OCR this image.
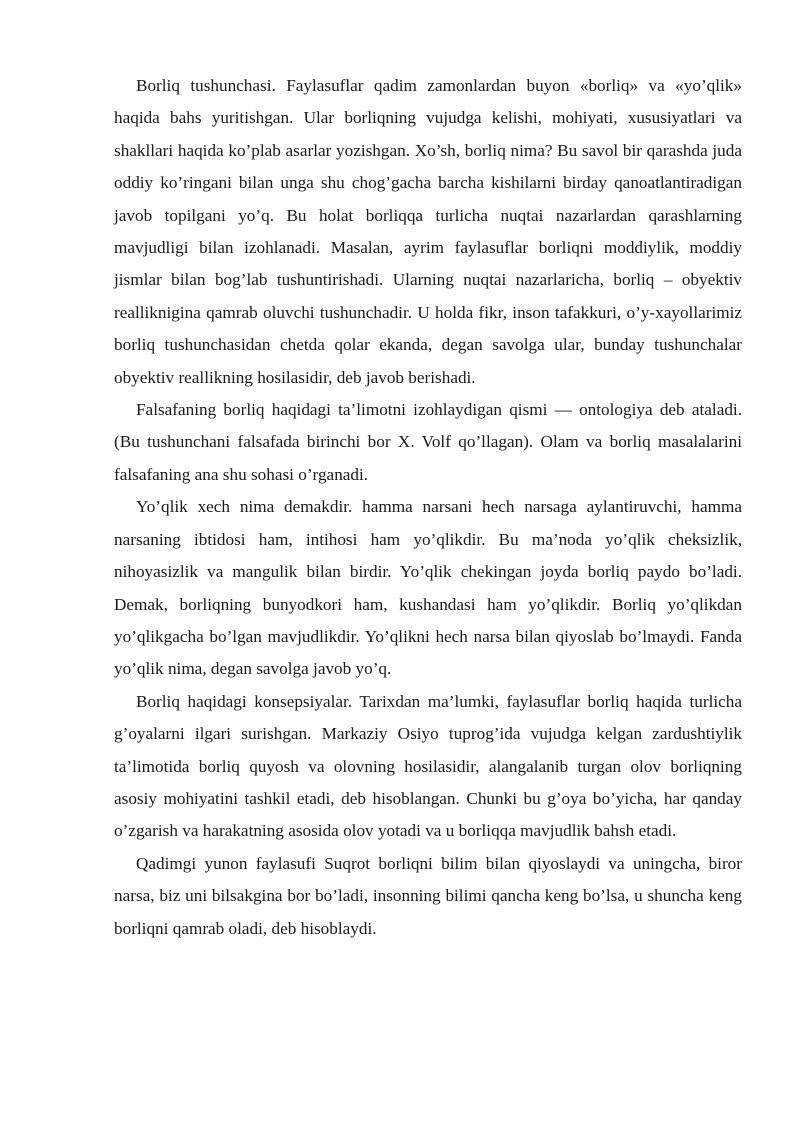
Borliq tushunchasi. Faylasuflar qadim zamonlardan buyon «borliq» va «yo’qlik» haqida bahs yuritishgan. Ular borliqning vujudga kelishi, mohiyati, xususiyatlari va shakllari haqida ko’plab asarlar yozishgan. Xo’sh, borliq nima? Bu savol bir qarashda juda oddiy ko’ringani bilan unga shu chog’gacha barcha kishilarni birday qanoatlantiradigan javob topilgani yo’q. Bu holat borliqqa turlicha nuqtai nazarlardan qarashlarning mavjudligi bilan izohlanadi. Masalan, ayrim faylasuflar borliqni moddiylik, moddiy jismlar bilan bog’lab tushuntirishadi. Ularning nuqtai nazarlaricha, borliq – obyektiv reallikniginа qamrab oluvchi tushunchadir. U holda fikr, inson tafakkuri, o’y-xayollarimiz borliq tushunchasidan chetda qolar ekanda, degan savolga ular, bunday tushunchalar obyektiv reallikning hosilasidir, deb javob berishadi.

Falsafaning borliq haqidagi ta’limotni izohlaydigan qismi — ontologiya deb ataladi. (Bu tushunchani falsafada birinchi bor X. Volf qo’llagan). Olam va borliq masalalarini falsafaning ana shu sohasi o’rganadi.

Yo’qlik xech nima demakdir. hamma narsani hech narsaga aylantiruvchi, hamma narsaning ibtidosi ham, intihosi ham yo’qlikdir. Bu ma’noda yo’qlik cheksizlik, nihoyasizlik va mangulik bilan birdir. Yo’qlik chekingan joyda borliq paydo bo’ladi. Demak, borliqning bunyodkori ham, kushandasi ham yo’qlikdir. Borliq yo’qlikdan yo’qlikgacha bo’lgan mavjudlikdir. Yo’qlikni hech narsa bilan qiyoslab bo’lmaydi. Fanda yo’qlik nima, degan savolga javob yo’q.

Borliq haqidagi konsepsiyalar. Tarixdan ma’lumki, faylasuflar borliq haqida turlicha g’oyalarni ilgari surishgan. Markaziy Osiyo tuprog’ida vujudga kelgan zardushtiylik ta’limotida borliq quyosh va olovning hosilasidir, alangalanib turgan olov borliqning asosiy mohiyatini tashkil etadi, deb hisoblangan. Chunki bu g’oya bo’yicha, har qanday o’zgarish va harakatning asosida olov yotadi va u borliqqa mavjudlik bahsh etadi.

Qadimgi yunon faylasufi Suqrot borliqni bilim bilan qiyoslaydi va uningcha, biror narsa, biz uni bilsakgina bor bo’ladi, insonning bilimi qancha keng bo’lsa, u shuncha keng borliqni qamrab oladi, deb hisoblaydi.
